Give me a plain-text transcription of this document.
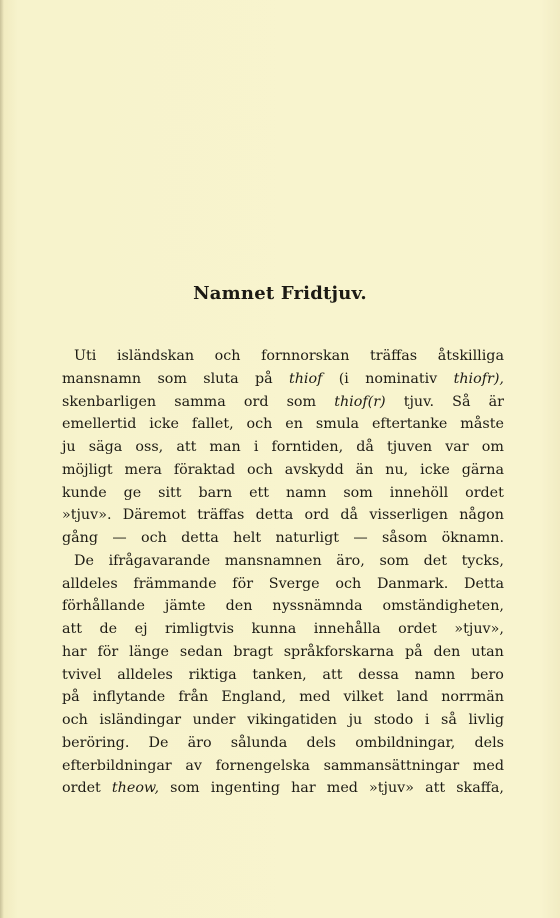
Namnet Fridtjuv.
Uti isländskan och fornnorskan träffas åtskilliga
mansnamn som sluta på thiof (i nominativ thiofr),
skenbarligen samma ord som thiof(r) tjuv. Så är
emellertid icke fallet, och en smula eftertanke måste
ju säga oss, att man i forntiden, då tjuven var om
möjligt mera föraktad och avskydd än nu, icke gärna
kunde ge sitt barn ett namn som innehöll ordet
»tjuv». Däremot träffas detta ord då visserligen någon
gång — och detta helt naturligt — såsom öknamn.
De ifrågavarande mansnamnen äro, som det tycks,
alldeles främmande för Sverge och Danmark. Detta
förhållande jämte den nyssnämnda omständigheten,
att de ej rimligtvis kunna innehålla ordet »tjuv»,
har för länge sedan bragt språkforskarna på den utan
tvivel alldeles riktiga tanken, att dessa namn bero
på inflytande från England, med vilket land norrmän
och isländingar under vikingatiden ju stodo i så livlig
beröring. De äro sålunda dels ombildningar, dels
efterbildningar av fornengelska sammansättningar med
ordet theow, som ingenting har med »tjuv» att skaffa,
